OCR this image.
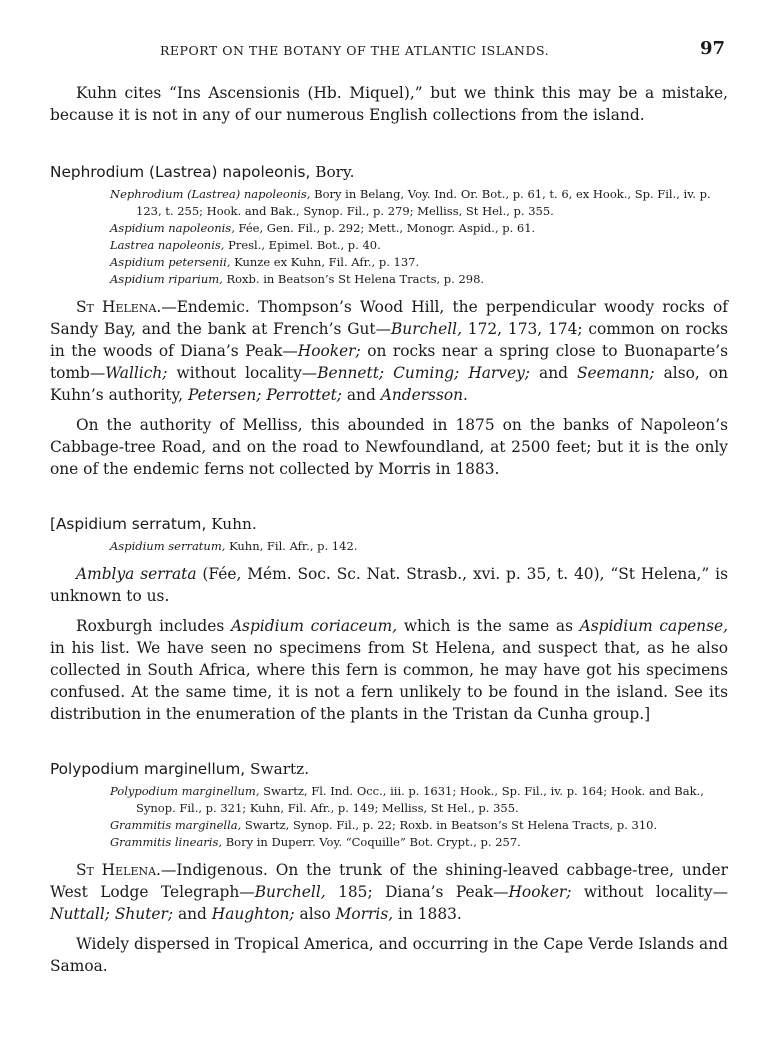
REPORT ON THE BOTANY OF THE ATLANTIC ISLANDS.	97

Kuhn cites “Ins Ascensionis (Hb. Miquel),” but we think this may be a mistake, because it is not in any of our numerous English collections from the island.

Nephrodium (Lastrea) napoleonis, Bory.

Nephrodium (Lastrea) napoleonis, Bory in Belang, Voy. Ind. Or. Bot., p. 61, t. 6, ex Hook., Sp. Fil., iv. p. 123, t. 255; Hook. and Bak., Synop. Fil., p. 279; Melliss, St Hel., p. 355.

Aspidium napoleonis, Fée, Gen. Fil., p. 292; Mett., Monogr. Aspid., p. 61.

Lastrea napoleonis, Presl., Epimel. Bot., p. 40.

Aspidium petersenii, Kunze ex Kuhn, Fil. Afr., p. 137.

Aspidium riparium, Roxb. in Beatson’s St Helena Tracts, p. 298.

St Helena.—Endemic. Thompson’s Wood Hill, the perpendicular woody rocks of Sandy Bay, and the bank at French’s Gut—Burchell, 172, 173, 174; common on rocks in the woods of Diana’s Peak—Hooker; on rocks near a spring close to Buonaparte’s tomb—Wallich; without locality—Bennett; Cuming; Harvey; and Seemann; also, on Kuhn’s authority, Petersen; Perrottet; and Andersson.

On the authority of Melliss, this abounded in 1875 on the banks of Napoleon’s Cabbage-tree Road, and on the road to Newfoundland, at 2500 feet; but it is the only one of the endemic ferns not collected by Morris in 1883.

[Aspidium serratum, Kuhn.

Aspidium serratum, Kuhn, Fil. Afr., p. 142.

Amblya serrata (Fée, Mém. Soc. Sc. Nat. Strasb., xvi. p. 35, t. 40), “St Helena,” is unknown to us.

Roxburgh includes Aspidium coriaceum, which is the same as Aspidium capense, in his list. We have seen no specimens from St Helena, and suspect that, as he also collected in South Africa, where this fern is common, he may have got his specimens confused. At the same time, it is not a fern unlikely to be found in the island. See its distribution in the enumeration of the plants in the Tristan da Cunha group.]

Polypodium marginellum, Swartz.

Polypodium marginellum, Swartz, Fl. Ind. Occ., iii. p. 1631; Hook., Sp. Fil., iv. p. 164; Hook. and Bak., Synop. Fil., p. 321; Kuhn, Fil. Afr., p. 149; Melliss, St Hel., p. 355.

Grammitis marginella, Swartz, Synop. Fil., p. 22; Roxb. in Beatson’s St Helena Tracts, p. 310.

Grammitis linearis, Bory in Duperr. Voy. “Coquille” Bot. Crypt., p. 257.

St Helena.—Indigenous. On the trunk of the shining-leaved cabbage-tree, under West Lodge Telegraph—Burchell, 185; Diana’s Peak—Hooker; without locality—Nuttall; Shuter; and Haughton; also Morris, in 1883.

Widely dispersed in Tropical America, and occurring in the Cape Verde Islands and Samoa.
